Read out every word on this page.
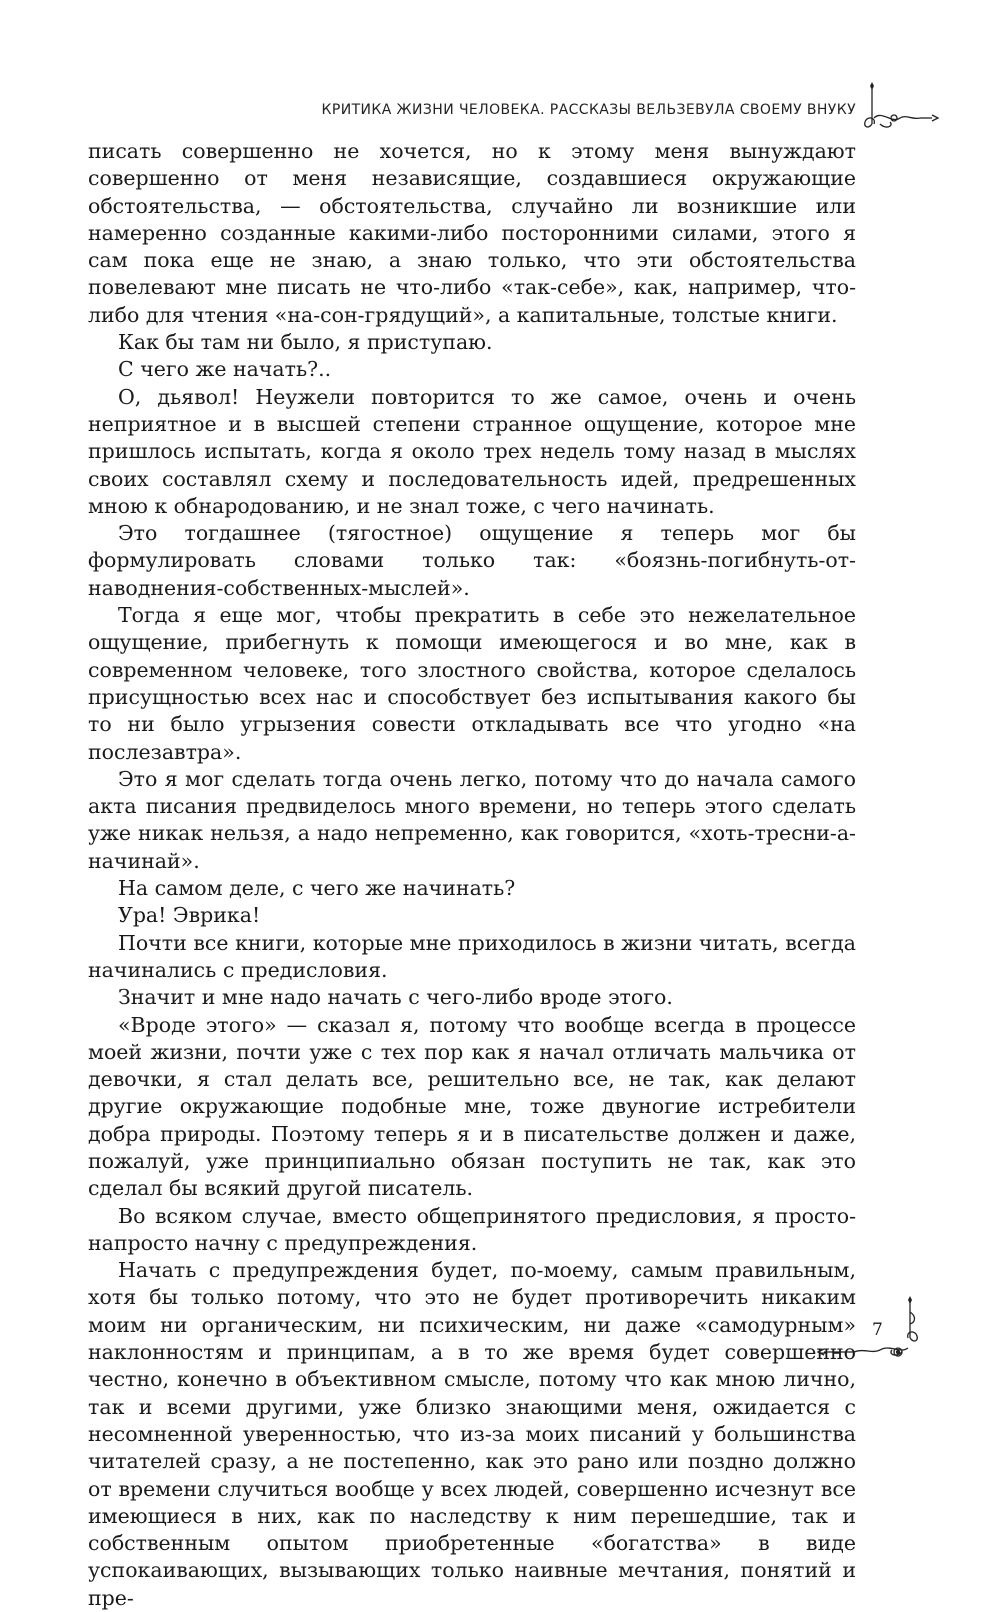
КРИТИКА ЖИЗНИ ЧЕЛОВЕКА. РАССКАЗЫ ВЕЛЬЗЕВУЛА СВОЕМУ ВНУКУ

писать совершенно не хочется, но к этому меня вынуждают совершенно от меня независящие, создавшиеся окружающие обстоятельства, — обстоятельства, случайно ли возникшие или намеренно созданные какими-либо посторонними силами, этого я сам пока еще не знаю, а знаю только, что эти обстоятельства повелевают мне писать не что-либо «так-себе», как, например, что-либо для чтения «на-сон-грядущий», а капитальные, толстые книги.

Как бы там ни было, я приступаю.

С чего же начать?..

О, дьявол! Неужели повторится то же самое, очень и очень неприятное и в высшей степени странное ощущение, которое мне пришлось испытать, когда я около трех недель тому назад в мыслях своих составлял схему и последовательность идей, предрешенных мною к обнародованию, и не знал тоже, с чего начинать.

Это тогдашнее (тягостное) ощущение я теперь мог бы формулировать словами только так: «боязнь-погибнуть-от-наводнения-собственных-мыслей».

Тогда я еще мог, чтобы прекратить в себе это нежелательное ощущение, прибегнуть к помощи имеющегося и во мне, как в современном человеке, того злостного свойства, которое сделалось присущностью всех нас и способствует без испытывания какого бы то ни было угрызения совести откладывать все что угодно «на послезавтра».

Это я мог сделать тогда очень легко, потому что до начала самого акта писания предвиделось много времени, но теперь этого сделать уже никак нельзя, а надо непременно, как говорится, «хоть-тресни-а-начинай».

На самом деле, с чего же начинать?

Ура! Эврика!

Почти все книги, которые мне приходилось в жизни читать, всегда начинались с предисловия.

Значит и мне надо начать с чего-либо вроде этого.

«Вроде этого» — сказал я, потому что вообще всегда в процессе моей жизни, почти уже с тех пор как я начал отличать мальчика от девочки, я стал делать все, решительно все, не так, как делают другие окружающие подобные мне, тоже двуногие истребители добра природы. Поэтому теперь я и в писательстве должен и даже, пожалуй, уже принципиально обязан поступить не так, как это сделал бы всякий другой писатель.

Во всяком случае, вместо общепринятого предисловия, я просто-напросто начну с предупреждения.

Начать с предупреждения будет, по-моему, самым правильным, хотя бы только потому, что это не будет противоречить никаким моим ни органическим, ни психическим, ни даже «самодурным» наклонностям и принципам, а в то же время будет совершенно честно, конечно в объективном смысле, потому что как мною лично, так и всеми другими, уже близко знающими меня, ожидается с несомненной уверенностью, что из-за моих писаний у большинства читателей сразу, а не постепенно, как это рано или поздно должно от времени случиться вообще у всех людей, совершенно исчезнут все имеющиеся в них, как по наследству к ним перешедшие, так и собственным опытом приобретенные «богатства» в виде успокаивающих, вызывающих только наивные мечтания, понятий и пре-

7
